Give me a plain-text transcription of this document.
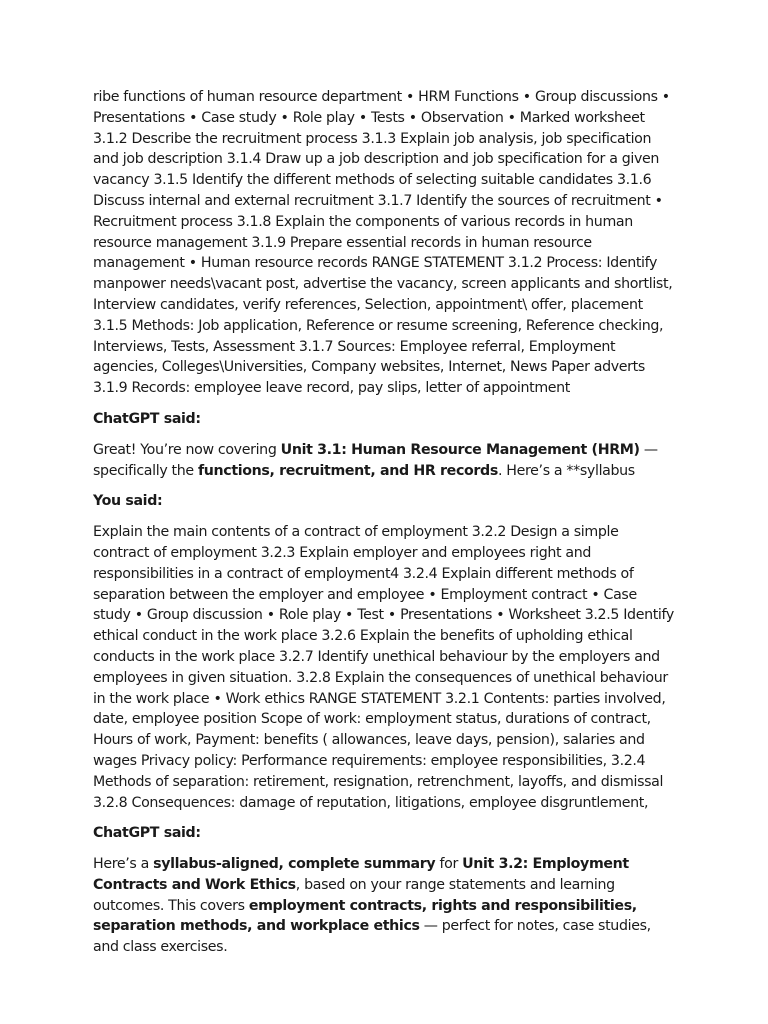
ribe functions of human resource department • HRM Functions • Group discussions • Presentations • Case study • Role play • Tests • Observation • Marked worksheet 3.1.2 Describe the recruitment process 3.1.3 Explain job analysis, job specification and job description 3.1.4 Draw up a job description and job specification for a given vacancy 3.1.5 Identify the different methods of selecting suitable candidates 3.1.6 Discuss internal and external recruitment 3.1.7 Identify the sources of recruitment • Recruitment process 3.1.8 Explain the components of various records in human resource management 3.1.9 Prepare essential records in human resource management • Human resource records RANGE STATEMENT 3.1.2 Process: Identify manpower needs\vacant post, advertise the vacancy, screen applicants and shortlist, Interview candidates, verify references, Selection, appointment\ offer, placement 3.1.5 Methods: Job application, Reference or resume screening, Reference checking, Interviews, Tests, Assessment 3.1.7 Sources: Employee referral, Employment agencies, Colleges\Universities, Company websites, Internet, News Paper adverts 3.1.9 Records: employee leave record, pay slips, letter of appointment

ChatGPT said:

Great! You’re now covering Unit 3.1: Human Resource Management (HRM) — specifically the functions, recruitment, and HR records. Here’s a **syllabus

You said:

Explain the main contents of a contract of employment 3.2.2 Design a simple contract of employment 3.2.3 Explain employer and employees right and responsibilities in a contract of employment4 3.2.4 Explain different methods of separation between the employer and employee • Employment contract • Case study • Group discussion • Role play • Test • Presentations • Worksheet 3.2.5 Identify ethical conduct in the work place 3.2.6 Explain the benefits of upholding ethical conducts in the work place 3.2.7 Identify unethical behaviour by the employers and employees in given situation. 3.2.8 Explain the consequences of unethical behaviour in the work place • Work ethics RANGE STATEMENT 3.2.1 Contents: parties involved, date, employee position Scope of work: employment status, durations of contract, Hours of work, Payment: benefits ( allowances, leave days, pension), salaries and wages Privacy policy: Performance requirements: employee responsibilities, 3.2.4 Methods of separation: retirement, resignation, retrenchment, layoffs, and dismissal 3.2.8 Consequences: damage of reputation, litigations, employee disgruntlement,

ChatGPT said:

Here’s a syllabus-aligned, complete summary for Unit 3.2: Employment Contracts and Work Ethics, based on your range statements and learning outcomes. This covers employment contracts, rights and responsibilities, separation methods, and workplace ethics — perfect for notes, case studies, and class exercises.
